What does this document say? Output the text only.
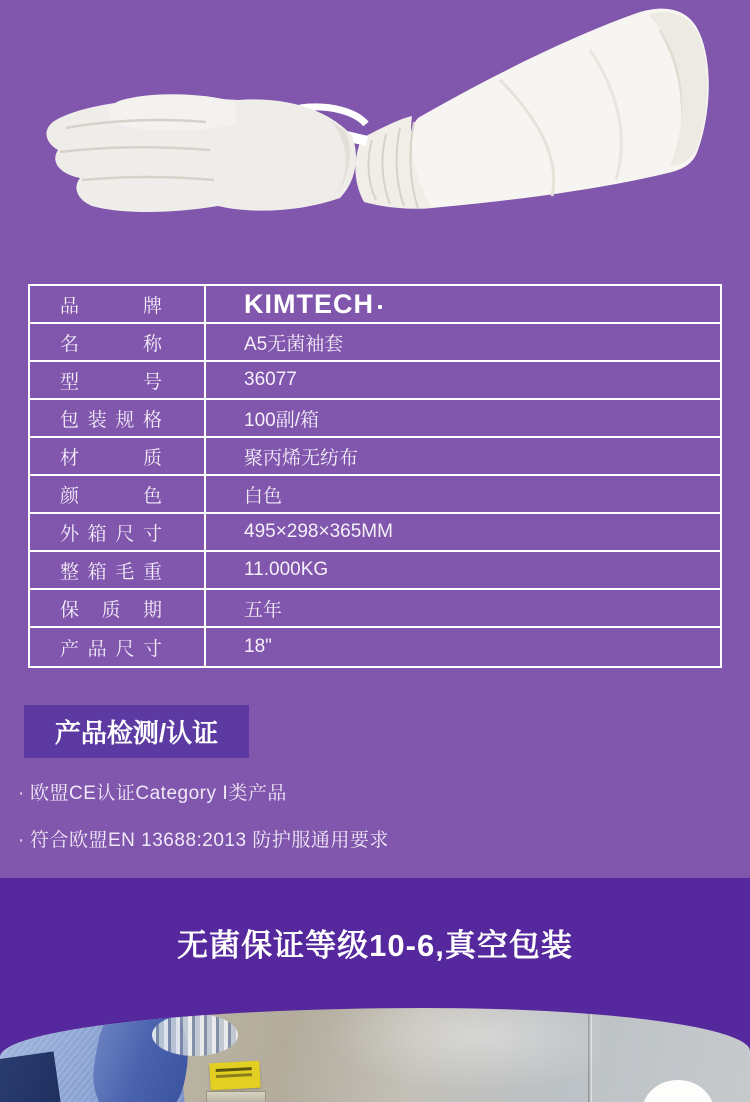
品牌	KIMTECH
名称	A5无菌袖套
型号	36077
包装规格	100副/箱
材质	聚丙烯无纺布
颜色	白色
外箱尺寸	495×298×365MM
整箱毛重	11.000KG
保质期	五年
产品尺寸	18"
产品检测/认证
· 欧盟CE认证Category Ⅰ类产品
· 符合欧盟EN 13688:2013 防护服通用要求
无菌保证等级10-6,真空包装
